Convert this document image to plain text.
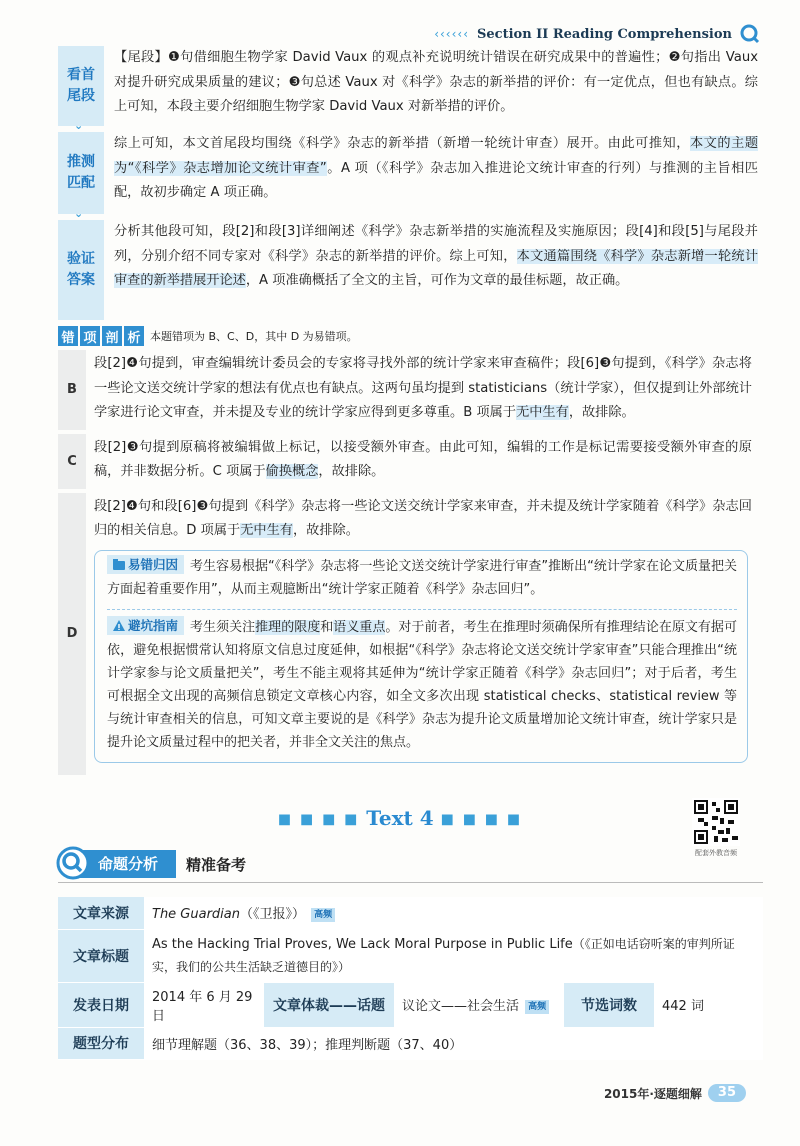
‹‹‹‹‹‹ Section II Reading Comprehension
看首
尾段
⌄
【尾段】❶句借细胞生物学家 David Vaux 的观点补充说明统计错误在研究成果中的普遍性；❷句指出 Vaux 对提升研究成果质量的建议；❸句总述 Vaux 对《科学》杂志的新举措的评价：有一定优点，但也有缺点。综上可知，本段主要介绍细胞生物学家 David Vaux 对新举措的评价。
推测
匹配
⌄
综上可知，本文首尾段均围绕《科学》杂志的新举措（新增一轮统计审查）展开。由此可推知，本文的主题为“《科学》杂志增加论文统计审查”。A 项（《科学》杂志加入推进论文统计审查的行列）与推测的主旨相匹配，故初步确定 A 项正确。
验证
答案
分析其他段可知，段[2]和段[3]详细阐述《科学》杂志新举措的实施流程及实施原因；段[4]和段[5]与尾段并列，分别介绍不同专家对《科学》杂志的新举措的评价。综上可知，本文通篇围绕《科学》杂志新增一轮统计审查的新举措展开论述，A 项准确概括了全文的主旨，可作为文章的最佳标题，故正确。
错 项 剖 析 本题错项为 B、C、D，其中 D 为易错项。
B
段[2]❹句提到，审查编辑统计委员会的专家将寻找外部的统计学家来审查稿件；段[6]❸句提到，《科学》杂志将一些论文送交统计学家的想法有优点也有缺点。这两句虽均提到 statisticians（统计学家），但仅提到让外部统计学家进行论文审查，并未提及专业的统计学家应得到更多尊重。B 项属于无中生有，故排除。
C
段[2]❸句提到原稿将被编辑做上标记，以接受额外审查。由此可知，编辑的工作是标记需要接受额外审查的原稿，并非数据分析。C 项属于偷换概念，故排除。
D
段[2]❹句和段[6]❸句提到《科学》杂志将一些论文送交统计学家来审查，并未提及统计学家随着《科学》杂志回归的相关信息。D 项属于无中生有，故排除。
易错归因 考生容易根据“《科学》杂志将一些论文送交统计学家进行审查”推断出“统计学家在论文质量把关方面起着重要作用”，从而主观臆断出“统计学家正随着《科学》杂志回归”。
避坑指南 考生须关注推理的限度和语义重点。对于前者，考生在推理时须确保所有推理结论在原文有据可依，避免根据惯常认知将原文信息过度延伸，如根据“《科学》杂志将论文送交统计学家审查”只能合理推出“统计学家参与论文质量把关”，考生不能主观将其延伸为“统计学家正随着《科学》杂志回归”；对于后者，考生可根据全文出现的高频信息锁定文章核心内容，如全文多次出现 statistical checks、statistical review 等与统计审查相关的信息，可知文章主要说的是《科学》杂志为提升论文质量增加论文统计审查，统计学家只是提升论文质量过程中的把关者，并非全文关注的焦点。
■ ■ ■ ■ Text 4 ■ ■ ■ ■
配套外教音频
命题分析	精准备考
文章来源	The Guardian（《卫报》） 高频				
文章标题	As the Hacking Trial Proves, We Lack Moral Purpose in Public Life（《正如电话窃听案的审判所证实，我们的公共生活缺乏道德目的》）				
发表日期	2014 年 6 月 29 日	文章体裁——话题	议论文——社会生活 高频	节选词数	442 词
题型分布	细节理解题（36、38、39）；推理判断题（37、40）				
2015年·逐题细解	35
